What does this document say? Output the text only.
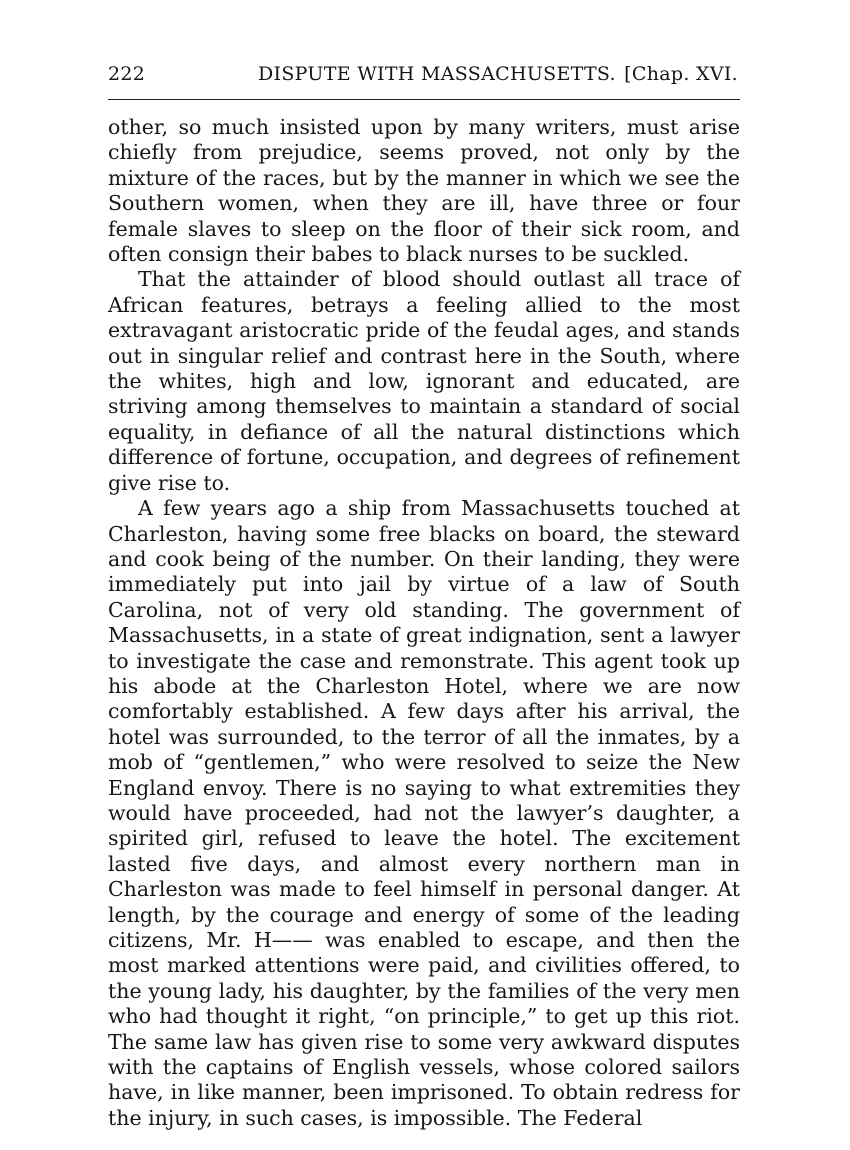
222	DISPUTE WITH MASSACHUSETTS. [Chap. XVI.

other, so much insisted upon by many writers, must arise chiefly from prejudice, seems proved, not only by the mixture of the races, but by the manner in which we see the Southern women, when they are ill, have three or four female slaves to sleep on the floor of their sick room, and often consign their babes to black nurses to be suckled.

That the attainder of blood should outlast all trace of African features, betrays a feeling allied to the most extravagant aristocratic pride of the feudal ages, and stands out in singular relief and contrast here in the South, where the whites, high and low, ignorant and educated, are striving among themselves to maintain a standard of social equality, in defiance of all the natural distinctions which difference of fortune, occupation, and degrees of refinement give rise to.

A few years ago a ship from Massachusetts touched at Charleston, having some free blacks on board, the steward and cook being of the number. On their landing, they were immediately put into jail by virtue of a law of South Carolina, not of very old standing. The government of Massachusetts, in a state of great indignation, sent a lawyer to investigate the case and remonstrate. This agent took up his abode at the Charleston Hotel, where we are now comfortably established. A few days after his arrival, the hotel was surrounded, to the terror of all the inmates, by a mob of “gentlemen,” who were resolved to seize the New England envoy. There is no saying to what extremities they would have proceeded, had not the lawyer’s daughter, a spirited girl, refused to leave the hotel. The excitement lasted five days, and almost every northern man in Charleston was made to feel himself in personal danger. At length, by the courage and energy of some of the leading citizens, Mr. H—— was enabled to escape, and then the most marked attentions were paid, and civilities offered, to the young lady, his daughter, by the families of the very men who had thought it right, “on principle,” to get up this riot. The same law has given rise to some very awkward disputes with the captains of English vessels, whose colored sailors have, in like manner, been imprisoned. To obtain redress for the injury, in such cases, is impossible. The Federal
